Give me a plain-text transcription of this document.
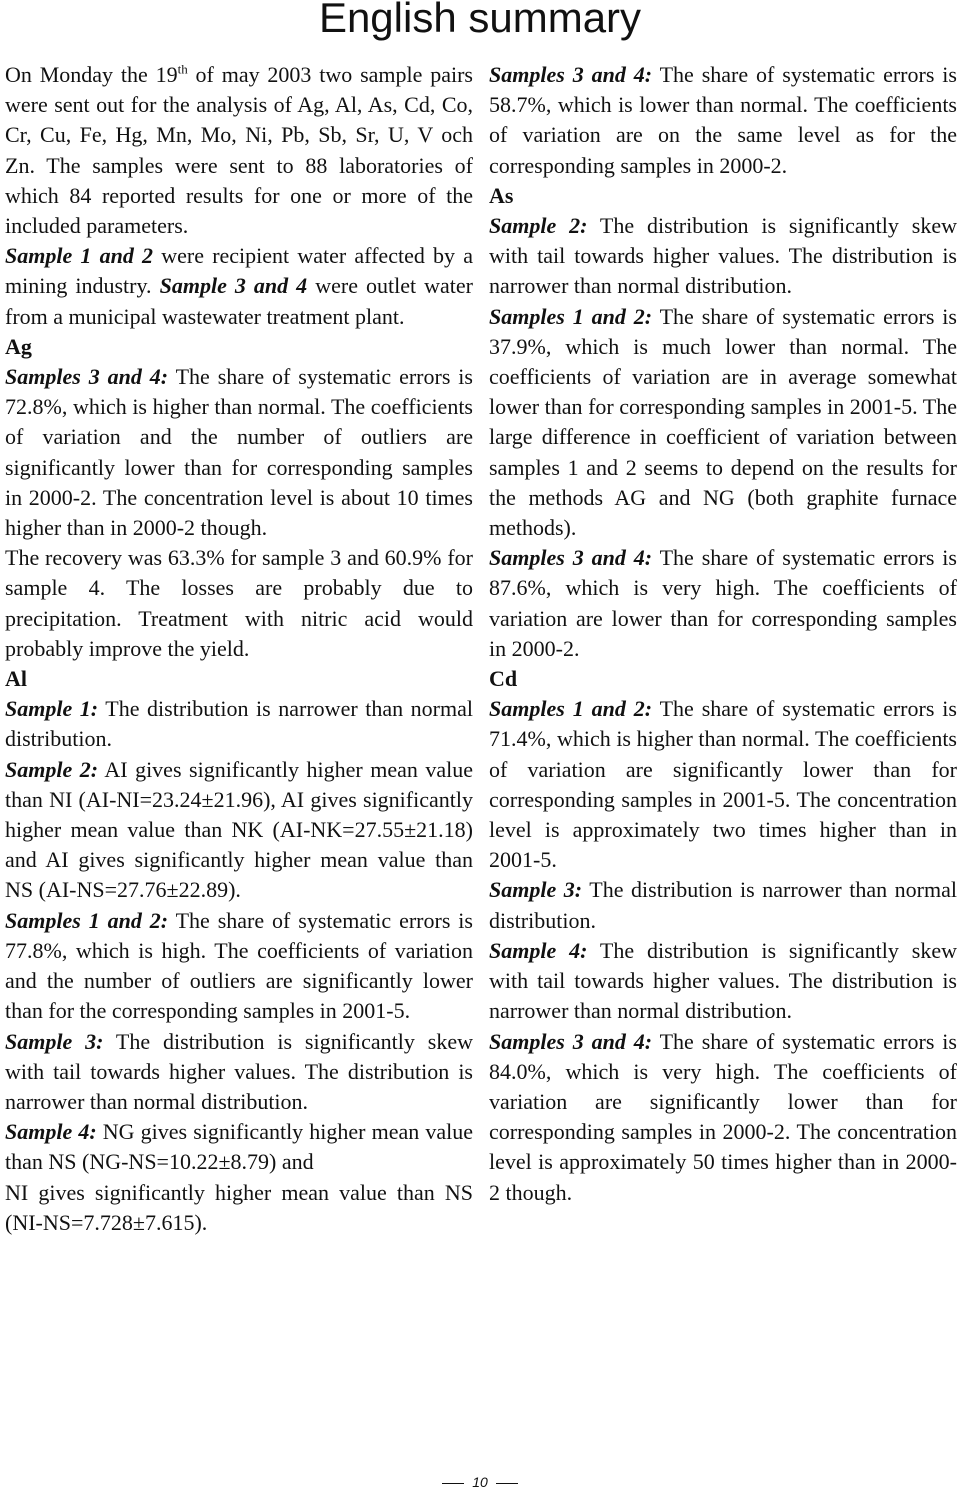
English summary

On Monday the 19th of may 2003 two sample pairs were sent out for the analysis of Ag, Al, As, Cd, Co, Cr, Cu, Fe, Hg, Mn, Mo, Ni, Pb, Sb, Sr, U, V och Zn. The samples were sent to 88 laboratories of which 84 reported results for one or more of the included parameters.

Sample 1 and 2 were recipient water affected by a mining industry. Sample 3 and 4 were outlet water from a municipal wastewater treatment plant.

Ag

Samples 3 and 4: The share of systematic errors is 72.8%, which is higher than normal. The coefficients of variation and the number of outliers are significantly lower than for corresponding samples in 2000-2. The concentration level is about 10 times higher than in 2000-2 though.

The recovery was 63.3% for sample 3 and 60.9% for sample 4. The losses are probably due to precipitation. Treatment with nitric acid would probably improve the yield.

Al

Sample 1: The distribution is narrower than normal distribution.

Sample 2: AI gives significantly higher mean value than NI (AI-NI=23.24±21.96), AI gives significantly higher mean value than NK (AI-NK=27.55±21.18) and AI gives significantly higher mean value than NS (AI-NS=27.76±22.89).

Samples 1 and 2: The share of systematic errors is 77.8%, which is high. The coefficients of variation and the number of outliers are significantly lower than for the corresponding samples in 2001-5.

Sample 3: The distribution is significantly skew with tail towards higher values. The distribution is narrower than normal distribution.

Sample 4: NG gives significantly higher mean value than NS (NG-NS=10.22±8.79) and

NI gives significantly higher mean value than NS (NI-NS=7.728±7.615).

Samples 3 and 4: The share of systematic errors is 58.7%, which is lower than normal. The coefficients of variation are on the same level as for the corresponding samples in 2000-2.

As

Sample 2: The distribution is significantly skew with tail towards higher values. The distribution is narrower than normal distribution.

Samples 1 and 2: The share of systematic errors is 37.9%, which is much lower than normal. The coefficients of variation are in average somewhat lower than for corresponding samples in 2001-5. The large difference in coefficient of variation between samples 1 and 2 seems to depend on the results for the methods AG and NG (both graphite furnace methods).

Samples 3 and 4: The share of systematic errors is 87.6%, which is very high. The coefficients of variation are lower than for corresponding samples in 2000-2.

Cd

Samples 1 and 2: The share of systematic errors is 71.4%, which is higher than normal. The coefficients of variation are significantly lower than for corresponding samples in 2001-5. The concentration level is approximately two times higher than in 2001-5.

Sample 3: The distribution is narrower than normal distribution.

Sample 4: The distribution is significantly skew with tail towards higher values. The distribution is narrower than normal distribution.

Samples 3 and 4: The share of systematic errors is 84.0%, which is very high. The coefficients of variation are significantly lower than for corresponding samples in 2000-2. The concentration level is approximately 50 times higher than in 2000-2 though.

10
